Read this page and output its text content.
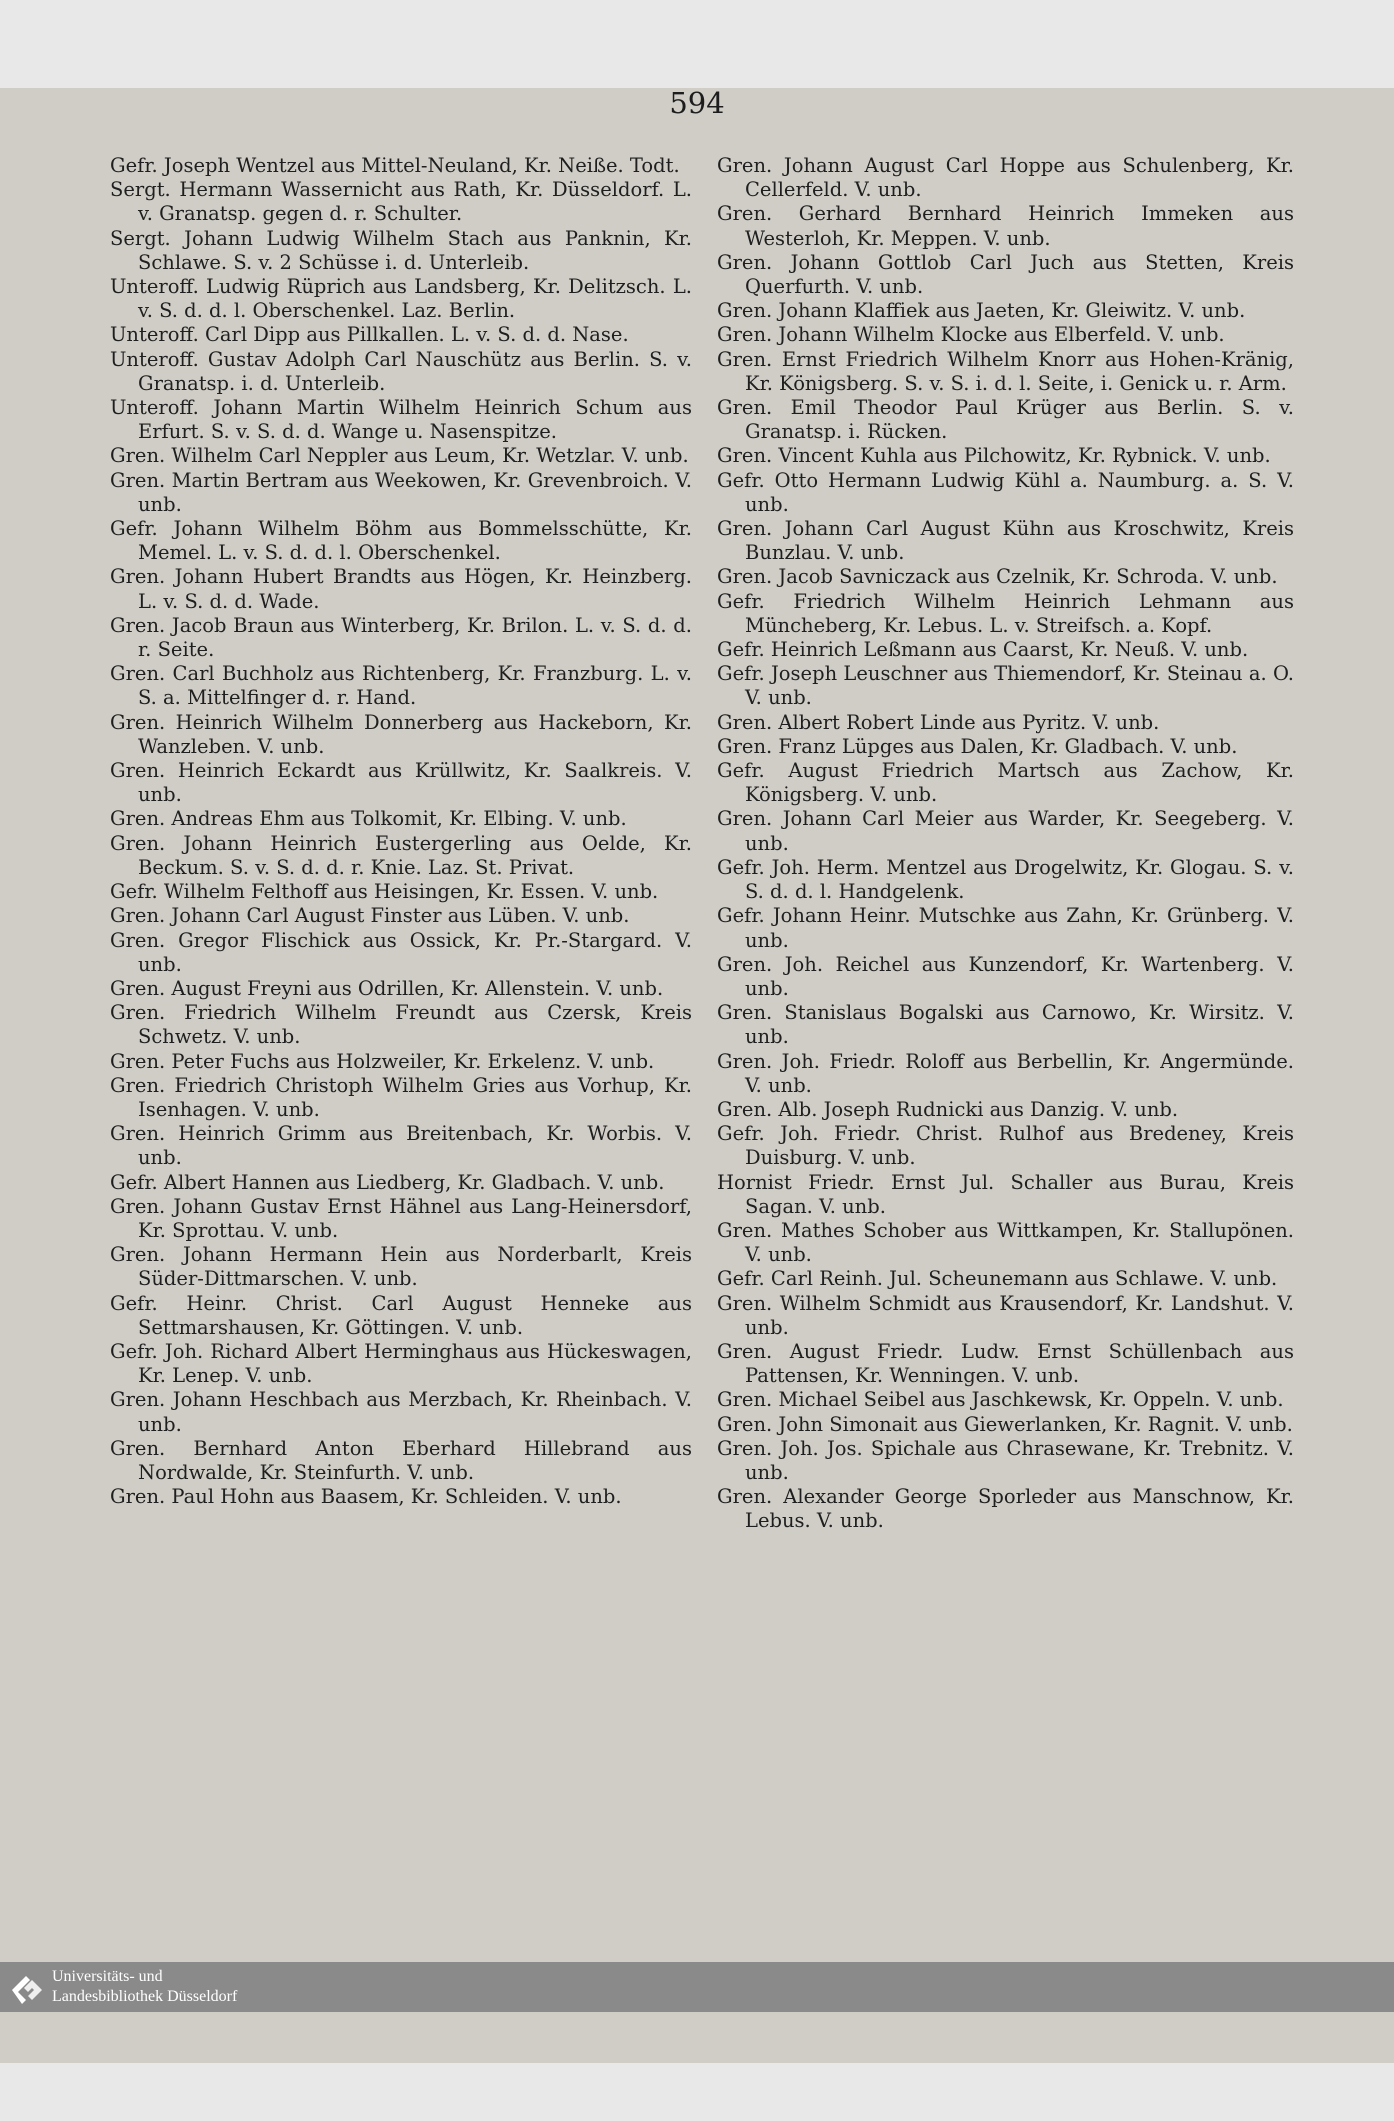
594

Gefr. Joseph Wentzel aus Mittel-Neuland, Kr. Neiße. Todt.

Sergt. Hermann Wassernicht aus Rath, Kr. Düsseldorf. L. v. Granatsp. gegen d. r. Schulter.

Sergt. Johann Ludwig Wilhelm Stach aus Panknin, Kr. Schlawe. S. v. 2 Schüsse i. d. Unterleib.

Unteroff. Ludwig Rüprich aus Landsberg, Kr. Delitzsch. L. v. S. d. d. l. Oberschenkel. Laz. Berlin.

Unteroff. Carl Dipp aus Pillkallen. L. v. S. d. d. Nase.

Unteroff. Gustav Adolph Carl Nauschütz aus Berlin. S. v. Granatsp. i. d. Unterleib.

Unteroff. Johann Martin Wilhelm Heinrich Schum aus Erfurt. S. v. S. d. d. Wange u. Nasenspitze.

Gren. Wilhelm Carl Neppler aus Leum, Kr. Wetzlar. V. unb.

Gren. Martin Bertram aus Weekowen, Kr. Grevenbroich. V. unb.

Gefr. Johann Wilhelm Böhm aus Bommelsschütte, Kr. Memel. L. v. S. d. d. l. Oberschenkel.

Gren. Johann Hubert Brandts aus Högen, Kr. Heinzberg. L. v. S. d. d. Wade.

Gren. Jacob Braun aus Winterberg, Kr. Brilon. L. v. S. d. d. r. Seite.

Gren. Carl Buchholz aus Richtenberg, Kr. Franzburg. L. v. S. a. Mittelfinger d. r. Hand.

Gren. Heinrich Wilhelm Donnerberg aus Hackeborn, Kr. Wanzleben. V. unb.

Gren. Heinrich Eckardt aus Krüllwitz, Kr. Saalkreis. V. unb.

Gren. Andreas Ehm aus Tolkomit, Kr. Elbing. V. unb.

Gren. Johann Heinrich Eustergerling aus Oelde, Kr. Beckum. S. v. S. d. d. r. Knie. Laz. St. Privat.

Gefr. Wilhelm Felthoff aus Heisingen, Kr. Essen. V. unb.

Gren. Johann Carl August Finster aus Lüben. V. unb.

Gren. Gregor Flischick aus Ossick, Kr. Pr.-Stargard. V. unb.

Gren. August Freyni aus Odrillen, Kr. Allenstein. V. unb.

Gren. Friedrich Wilhelm Freundt aus Czersk, Kreis Schwetz. V. unb.

Gren. Peter Fuchs aus Holzweiler, Kr. Erkelenz. V. unb.

Gren. Friedrich Christoph Wilhelm Gries aus Vorhup, Kr. Isenhagen. V. unb.

Gren. Heinrich Grimm aus Breitenbach, Kr. Worbis. V. unb.

Gefr. Albert Hannen aus Liedberg, Kr. Gladbach. V. unb.

Gren. Johann Gustav Ernst Hähnel aus Lang-Heinersdorf, Kr. Sprottau. V. unb.

Gren. Johann Hermann Hein aus Norderbarlt, Kreis Süder-Dittmarschen. V. unb.

Gefr. Heinr. Christ. Carl August Henneke aus Settmarshausen, Kr. Göttingen. V. unb.

Gefr. Joh. Richard Albert Herminghaus aus Hückeswagen, Kr. Lenep. V. unb.

Gren. Johann Heschbach aus Merzbach, Kr. Rheinbach. V. unb.

Gren. Bernhard Anton Eberhard Hillebrand aus Nordwalde, Kr. Steinfurth. V. unb.

Gren. Paul Hohn aus Baasem, Kr. Schleiden. V. unb.

Gren. Johann August Carl Hoppe aus Schulenberg, Kr. Cellerfeld. V. unb.

Gren. Gerhard Bernhard Heinrich Immeken aus Westerloh, Kr. Meppen. V. unb.

Gren. Johann Gottlob Carl Juch aus Stetten, Kreis Querfurth. V. unb.

Gren. Johann Klaffiek aus Jaeten, Kr. Gleiwitz. V. unb.

Gren. Johann Wilhelm Klocke aus Elberfeld. V. unb.

Gren. Ernst Friedrich Wilhelm Knorr aus Hohen-Kränig, Kr. Königsberg. S. v. S. i. d. l. Seite, i. Genick u. r. Arm.

Gren. Emil Theodor Paul Krüger aus Berlin. S. v. Granatsp. i. Rücken.

Gren. Vincent Kuhla aus Pilchowitz, Kr. Rybnick. V. unb.

Gefr. Otto Hermann Ludwig Kühl a. Naumburg. a. S. V. unb.

Gren. Johann Carl August Kühn aus Kroschwitz, Kreis Bunzlau. V. unb.

Gren. Jacob Savniczack aus Czelnik, Kr. Schroda. V. unb.

Gefr. Friedrich Wilhelm Heinrich Lehmann aus Müncheberg, Kr. Lebus. L. v. Streifsch. a. Kopf.

Gefr. Heinrich Leßmann aus Caarst, Kr. Neuß. V. unb.

Gefr. Joseph Leuschner aus Thiemendorf, Kr. Steinau a. O. V. unb.

Gren. Albert Robert Linde aus Pyritz. V. unb.

Gren. Franz Lüpges aus Dalen, Kr. Gladbach. V. unb.

Gefr. August Friedrich Martsch aus Zachow, Kr. Königsberg. V. unb.

Gren. Johann Carl Meier aus Warder, Kr. Seegeberg. V. unb.

Gefr. Joh. Herm. Mentzel aus Drogelwitz, Kr. Glogau. S. v. S. d. d. l. Handgelenk.

Gefr. Johann Heinr. Mutschke aus Zahn, Kr. Grünberg. V. unb.

Gren. Joh. Reichel aus Kunzendorf, Kr. Wartenberg. V. unb.

Gren. Stanislaus Bogalski aus Carnowo, Kr. Wirsitz. V. unb.

Gren. Joh. Friedr. Roloff aus Berbellin, Kr. Angermünde. V. unb.

Gren. Alb. Joseph Rudnicki aus Danzig. V. unb.

Gefr. Joh. Friedr. Christ. Rulhof aus Bredeney, Kreis Duisburg. V. unb.

Hornist Friedr. Ernst Jul. Schaller aus Burau, Kreis Sagan. V. unb.

Gren. Mathes Schober aus Wittkampen, Kr. Stallupönen. V. unb.

Gefr. Carl Reinh. Jul. Scheunemann aus Schlawe. V. unb.

Gren. Wilhelm Schmidt aus Krausendorf, Kr. Landshut. V. unb.

Gren. August Friedr. Ludw. Ernst Schüllenbach aus Pattensen, Kr. Wenningen. V. unb.

Gren. Michael Seibel aus Jaschkewsk, Kr. Oppeln. V. unb.

Gren. John Simonait aus Giewerlanken, Kr. Ragnit. V. unb.

Gren. Joh. Jos. Spichale aus Chrasewane, Kr. Trebnitz. V. unb.

Gren. Alexander George Sporleder aus Manschnow, Kr. Lebus. V. unb.

Universitäts- und
Landesbibliothek Düsseldorf
